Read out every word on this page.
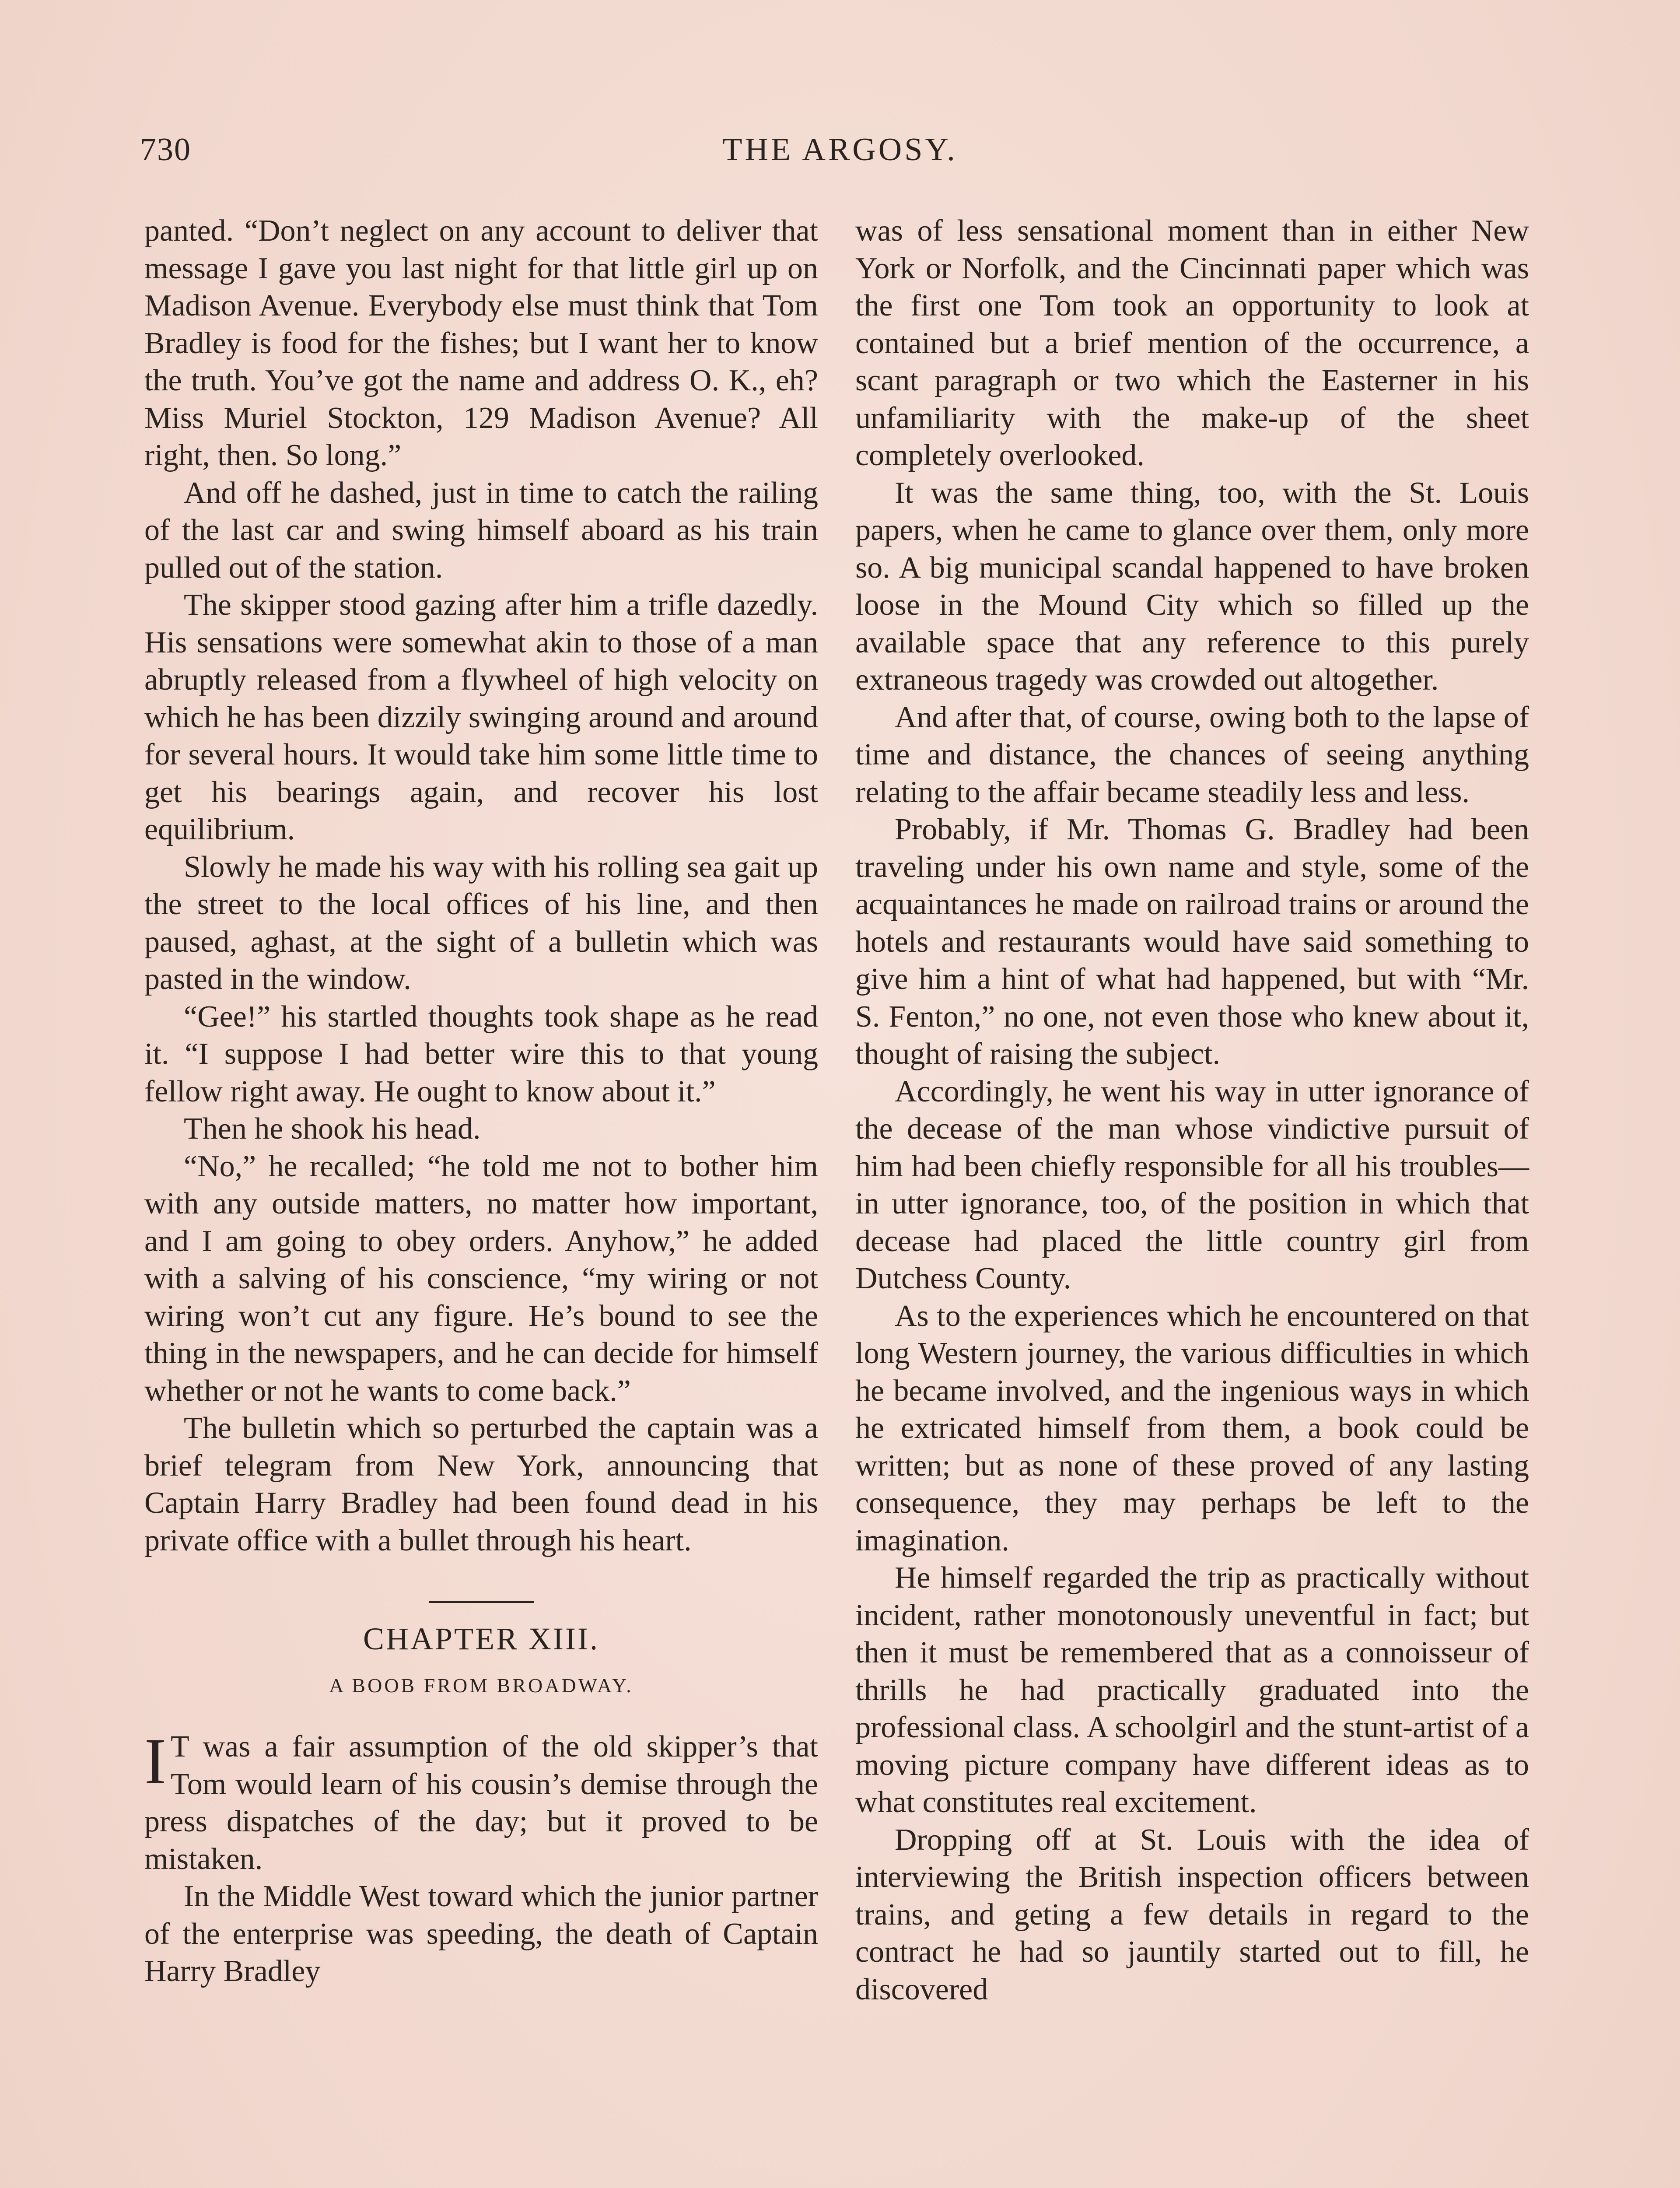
730	THE ARGOSY.

panted. “Don’t neglect on any account to deliver that message I gave you last night for that little girl up on Madison Avenue. Everybody else must think that Tom Bradley is food for the fishes; but I want her to know the truth. You’ve got the name and address O. K., eh? Miss Muriel Stockton, 129 Madison Avenue? All right, then. So long.”

And off he dashed, just in time to catch the railing of the last car and swing himself aboard as his train pulled out of the station.

The skipper stood gazing after him a trifle dazedly. His sensations were somewhat akin to those of a man abruptly released from a flywheel of high velocity on which he has been dizzily swinging around and around for several hours. It would take him some little time to get his bearings again, and recover his lost equilibrium.

Slowly he made his way with his rolling sea gait up the street to the local offices of his line, and then paused, aghast, at the sight of a bulletin which was pasted in the window.

“Gee!” his startled thoughts took shape as he read it. “I suppose I had better wire this to that young fellow right away. He ought to know about it.”

Then he shook his head.

“No,” he recalled; “he told me not to bother him with any outside matters, no matter how important, and I am going to obey orders. Anyhow,” he added with a salving of his conscience, “my wiring or not wiring won’t cut any figure. He’s bound to see the thing in the newspapers, and he can decide for himself whether or not he wants to come back.”

The bulletin which so perturbed the captain was a brief telegram from New York, announcing that Captain Harry Bradley had been found dead in his private office with a bullet through his heart.

CHAPTER XIII.
A BOOB FROM BROADWAY.

I T was a fair assumption of the old skipper’s that Tom would learn of his cousin’s demise through the press dispatches of the day; but it proved to be mistaken.

In the Middle West toward which the junior partner of the enterprise was speeding, the death of Captain Harry Bradley

was of less sensational moment than in either New York or Norfolk, and the Cincinnati paper which was the first one Tom took an opportunity to look at contained but a brief mention of the occurrence, a scant paragraph or two which the Easterner in his unfamiliarity with the make-up of the sheet completely overlooked.

It was the same thing, too, with the St. Louis papers, when he came to glance over them, only more so. A big municipal scandal happened to have broken loose in the Mound City which so filled up the available space that any reference to this purely extraneous tragedy was crowded out altogether.

And after that, of course, owing both to the lapse of time and distance, the chances of seeing anything relating to the affair became steadily less and less.

Probably, if Mr. Thomas G. Bradley had been traveling under his own name and style, some of the acquaintances he made on railroad trains or around the hotels and restaurants would have said something to give him a hint of what had happened, but with “Mr. S. Fenton,” no one, not even those who knew about it, thought of raising the subject.

Accordingly, he went his way in utter ignorance of the decease of the man whose vindictive pursuit of him had been chiefly responsible for all his troubles—in utter ignorance, too, of the position in which that decease had placed the little country girl from Dutchess County.

As to the experiences which he encountered on that long Western journey, the various difficulties in which he became involved, and the ingenious ways in which he extricated himself from them, a book could be written; but as none of these proved of any lasting consequence, they may perhaps be left to the imagination.

He himself regarded the trip as practically without incident, rather monotonously uneventful in fact; but then it must be remembered that as a connoisseur of thrills he had practically graduated into the professional class. A schoolgirl and the stunt-artist of a moving picture company have different ideas as to what constitutes real excitement.

Dropping off at St. Louis with the idea of interviewing the British inspection officers between trains, and geting a few details in regard to the contract he had so jauntily started out to fill, he discovered
